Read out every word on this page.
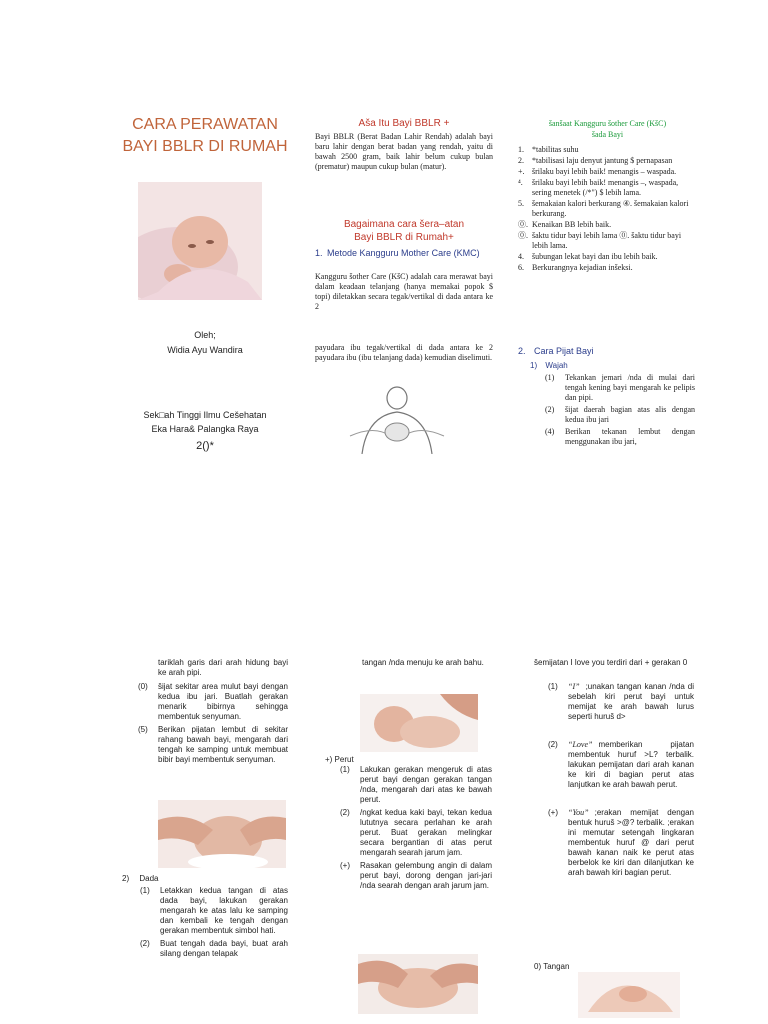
CARA PERAWATAN
BAYI BBLR DI RUMAH
Oleh;
Widia Ayu Wandira
Sek□ah Tinggi Ilmu Cešehatan
Eka Hara& Palangka Raya
2()*
Aša Itu Bayi BBLR +
Bayi BBLR (Berat Badan Lahir Rendah) adalah bayi baru lahir dengan berat badan yang rendah, yaitu di bawah 2500 gram, baik lahir belum cukup bulan (prematur) maupun cukup bulan (matur).
Bagaimana cara šera–atan
Bayi BBLR di Rumah+
1. Metode Kangguru Mother Care (KMC)
Kangguru šother Care (KšC) adalah cara merawat bayi dalam keadaan telanjang (hanya memakai popok $ topi) diletakkan secara tegak/vertikal di dada antara ke 2
payudara ibu tegak/vertikal di dada antara ke 2 payudara ibu (ibu telanjang dada) kemudian diselimuti.
šanšaat Kangguru šother Care (KšC)
šada Bayi
1. *tabilitas suhu
2. *tabilisasi laju denyut jantung $ pernapasan
+. šrilaku bayi lebih baik! menangis – waspada.
⁴. šrilaku bayi lebih baik! menangis –, waspada, sering menetek (/*") $ lebih lama.
5. šemakaian kalori berkurang ④. šemakaian kalori berkurang.
⓪. Kenaikan BB lebih baik.
⓪. šaktu tidur bayi lebih lama ⓪. šaktu tidur bayi lebih lama.
4. šubungan lekat bayi dan ibu lebih baik.
6. Berkurangnya kejadian inšeksi.
2. Cara Pijat Bayi
1) Wajah
(1) Tekankan jemari /nda di mulai dari tengah kening bayi mengarah ke pelipis dan pipi.
(2) šijat daerah bagian atas alis dengan kedua ibu jari
(4) Berikan tekanan lembut dengan menggunakan ibu jari,
tariklah garis dari arah hidung bayi ke arah pipi.
(0) šijat sekitar area mulut bayi dengan kedua ibu jari. Buatlah gerakan menarik bibirnya sehingga membentuk senyuman.
(5) Berikan pijatan lembut di sekitar rahang bawah bayi, mengarah dari tengah ke samping untuk membuat bibir bayi membentuk senyuman.
2) Dada
(1) Letakkan kedua tangan di atas dada bayi, lakukan gerakan mengarah ke atas lalu ke samping dan kembali ke tengah dengan gerakan membentuk simbol hati.
(2) Buat tengah dada bayi, buat arah silang dengan telapak
tangan /nda menuju ke arah bahu.
+) Perut
(1) Lakukan gerakan mengeruk di atas perut bayi dengan gerakan tangan /nda, mengarah dari atas ke bawah perut.
(2) /ngkat kedua kaki bayi, tekan kedua lututnya secara perlahan ke arah perut. Buat gerakan melingkar secara bergantian di atas perut mengarah searah jarum jam.
(+) Rasakan gelembung angin di dalam perut bayi, dorong dengan jari-jari /nda searah dengan arah jarum jam.
šemijatan I love you terdiri dari + gerakan 0
(1) “I” ;unakan tangan kanan /nda di sebelah kiri perut bayi untuk memijat ke arah bawah lurus seperti huruš d>
(2) “Love” memberikan pijatan membentuk huruf >L? terbalik. lakukan pemijatan dari arah kanan ke kiri di bagian perut atas lanjutkan ke arah bawah perut.
(+) “You” ;erakan memijat dengan bentuk huruš >@? terbalik. ;erakan ini memutar setengah lingkaran membentuk huruf @ dari perut bawah kanan naik ke perut atas berbelok ke kiri dan dilanjutkan ke arah bawah kiri bagian perut.
0) Tangan
